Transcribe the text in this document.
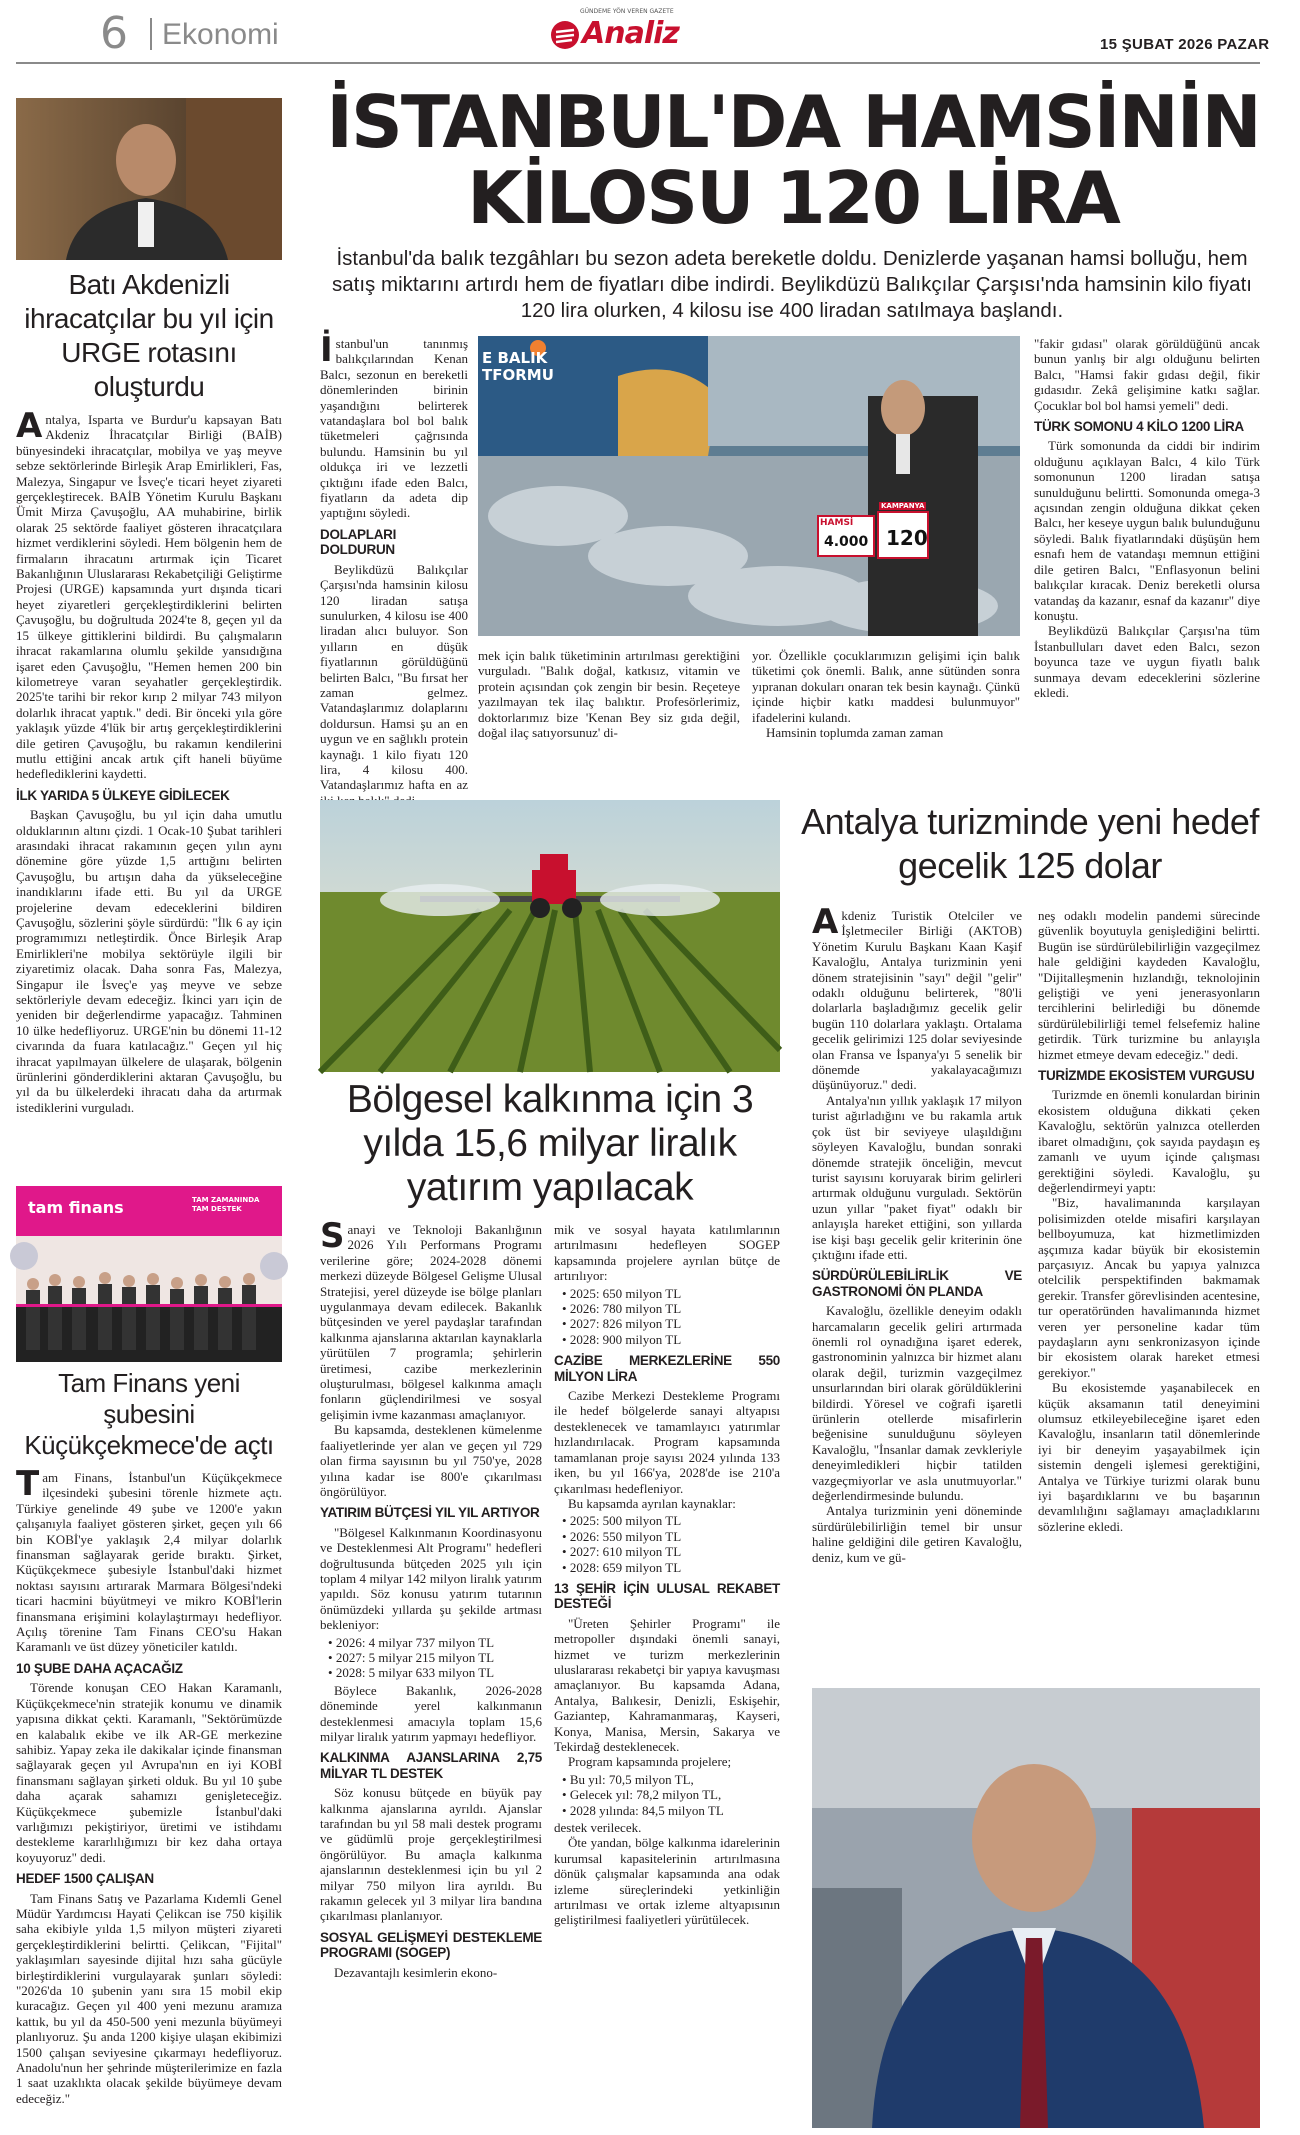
6 Ekonomi	Analiz
GÜNDEME YÖN VEREN GAZETE
15 ŞUBAT 2026 PAZAR
Batı Akdenizli ihracatçılar bu yıl için URGE rotasını oluşturdu

Antalya, Isparta ve Burdur'u kapsayan Batı Akdeniz İhracatçılar Birliği (BAİB) bünyesindeki ihracatçılar, mobilya ve yaş meyve sebze sektörlerinde Birleşik Arap Emirlikleri, Fas, Malezya, Singapur ve İsveç'e ticari heyet ziyareti gerçekleştirecek. BAİB Yönetim Kurulu Başkanı Ümit Mirza Çavuşoğlu, AA muhabirine, birlik olarak 25 sektörde faaliyet gösteren ihracatçılara hizmet verdiklerini söyledi. Hem bölgenin hem de firmaların ihracatını artırmak için Ticaret Bakanlığının Uluslararası Rekabetçiliği Geliştirme Projesi (URGE) kapsamında yurt dışında ticari heyet ziyaretleri gerçekleştirdiklerini belirten Çavuşoğlu, bu doğrultuda 2024'te 8, geçen yıl da 15 ülkeye gittiklerini bildirdi. Bu çalışmaların ihracat rakamlarına olumlu şekilde yansıdığına işaret eden Çavuşoğlu, "Hemen hemen 200 bin kilometreye varan seyahatler gerçekleştirdik. 2025'te tarihi bir rekor kırıp 2 milyar 743 milyon dolarlık ihracat yaptık." dedi. Bir önceki yıla göre yaklaşık yüzde 4'lük bir artış gerçekleştirdiklerini dile getiren Çavuşoğlu, bu rakamın kendilerini mutlu ettiğini ancak artık çift haneli büyüme hedeflediklerini kaydetti.

İLK YARIDA 5 ÜLKEYE GİDİLECEK

Başkan Çavuşoğlu, bu yıl için daha umutlu olduklarının altını çizdi. 1 Ocak-10 Şubat tarihleri arasındaki ihracat rakamının geçen yılın aynı dönemine göre yüzde 1,5 arttığını belirten Çavuşoğlu, bu artışın daha da yükseleceğine inandıklarını ifade etti. Bu yıl da URGE projelerine devam edeceklerini bildiren Çavuşoğlu, sözlerini şöyle sürdürdü: "İlk 6 ay için programımızı netleştirdik. Önce Birleşik Arap Emirlikleri'ne mobilya sektörüyle ilgili bir ziyaretimiz olacak. Daha sonra Fas, Malezya, Singapur ile İsveç'e yaş meyve ve sebze sektörleriyle devam edeceğiz. İkinci yarı için de yeniden bir değerlendirme yapacağız. Tahminen 10 ülke hedefliyoruz. URGE'nin bu dönemi 11-12 civarında da fuara katılacağız." Geçen yıl hiç ihracat yapılmayan ülkelere de ulaşarak, bölgenin ürünlerini gönderdiklerini aktaran Çavuşoğlu, bu yıl da bu ülkelerdeki ihracatı daha da artırmak istediklerini vurguladı.

tam finans	TAM ZAMANINDA TAM DESTEK
Tam Finans yeni şubesini Küçükçekmece'de açtı

Tam Finans, İstanbul'un Küçükçekmece ilçesindeki şubesini törenle hizmete açtı. Türkiye genelinde 49 şube ve 1200'e yakın çalışanıyla faaliyet gösteren şirket, geçen yılı 66 bin KOBİ'ye yaklaşık 2,4 milyar dolarlık finansman sağlayarak geride bıraktı. Şirket, Küçükçekmece şubesiyle İstanbul'daki hizmet noktası sayısını artırarak Marmara Bölgesi'ndeki ticari hacmini büyütmeyi ve mikro KOBİ'lerin finansmana erişimini kolaylaştırmayı hedefliyor. Açılış törenine Tam Finans CEO'su Hakan Karamanlı ve üst düzey yöneticiler katıldı.

10 ŞUBE DAHA AÇACAĞIZ

Törende konuşan CEO Hakan Karamanlı, Küçükçekmece'nin stratejik konumu ve dinamik yapısına dikkat çekti. Karamanlı, "Sektörümüzde en kalabalık ekibe ve ilk AR-GE merkezine sahibiz. Yapay zeka ile dakikalar içinde finansman sağlayarak geçen yıl Avrupa'nın en iyi KOBİ finansmanı sağlayan şirketi olduk. Bu yıl 10 şube daha açarak sahamızı genişleteceğiz. Küçükçekmece şubemizle İstanbul'daki varlığımızı pekiştiriyor, üretimi ve istihdamı destekleme kararlılığımızı bir kez daha ortaya koyuyoruz" dedi.

HEDEF 1500 ÇALIŞAN

Tam Finans Satış ve Pazarlama Kıdemli Genel Müdür Yardımcısı Hayati Çelikcan ise 750 kişilik saha ekibiyle yılda 1,5 milyon müşteri ziyareti gerçekleştirdiklerini belirtti. Çelikcan, "Fijital" yaklaşımları sayesinde dijital hızı saha gücüyle birleştirdiklerini vurgulayarak şunları söyledi: "2026'da 10 şubenin yanı sıra 15 mobil ekip kuracağız. Geçen yıl 400 yeni mezunu aramıza kattık, bu yıl da 450-500 yeni mezunla büyümeyi planlıyoruz. Şu anda 1200 kişiye ulaşan ekibimizi 1500 çalışan seviyesine çıkarmayı hedefliyoruz. Anadolu'nun her şehrinde müşterilerimize en fazla 1 saat uzaklıkta olacak şekilde büyümeye devam edeceğiz."

İSTANBUL'DA HAMSİNİN
KİLOSU 120 LİRA
İstanbul'da balık tezgâhları bu sezon adeta bereketle doldu. Denizlerde yaşanan hamsi bolluğu, hem satış miktarını artırdı hem de fiyatları dibe indirdi. Beylikdüzü Balıkçılar Çarşısı'nda hamsinin kilo fiyatı 120 lira olurken, 4 kilosu ise 400 liradan satılmaya başlandı.

İstanbul'un tanınmış balıkçılarından Kenan Balcı, sezonun en bereketli dönemlerinden birinin yaşandığını belirterek vatandaşlara bol bol balık tüketmeleri çağrısında bulundu. Hamsinin bu yıl oldukça iri ve lezzetli çıktığını ifade eden Balcı, fiyatların da adeta dip yaptığını söyledi.

DOLAPLARI DOLDURUN

Beylikdüzü Balıkçılar Çarşısı'nda hamsinin kilosu 120 liradan satışa sunulurken, 4 kilosu ise 400 liradan alıcı buluyor. Son yılların en düşük fiyatlarının görüldüğünü belirten Balcı, "Bu fırsat her zaman gelmez. Vatandaşlarımız dolaplarını doldursun. Hamsi şu an en uygun ve en sağlıklı protein kaynağı. 1 kilo fiyatı 120 lira, 4 kilosu 400. Vatandaşlarımız hafta en az

E BALIK TFORMU
HAMSİ
4.000
KAMPANYA
120
mek için balık tüketiminin artırılması gerektiğini vurguladı. "Balık doğal, katkısız, vitamin ve protein açısından çok zengin bir besin. Reçeteye yazılmayan tek ilaç balıktır. Profesörlerimiz, doktorlarımız bize 'Kenan Bey siz gıda değil, doğal ilaç satıyorsunuz' di-

yor. Özellikle çocuklarımızın gelişimi için balık tüketimi çok önemli. Balık, anne sütünden sonra yıpranan dokuları onaran tek besin kaynağı. Çünkü içinde hiçbir katkı maddesi bulunmuyor" ifadelerini kulandı.

Hamsinin toplumda zaman zaman

"fakir gıdası" olarak görüldüğünü ancak bunun yanlış bir algı olduğunu belirten Balcı, "Hamsi fakir gıdası değil, fikir gıdasıdır. Zekâ gelişimine katkı sağlar. Çocuklar bol bol hamsi yemeli" dedi.

TÜRK SOMONU 4 KİLO 1200 LİRA

Türk somonunda da ciddi bir indirim olduğunu açıklayan Balcı, 4 kilo Türk somonunun 1200 liradan satışa sunulduğunu belirtti. Somonunda omega-3 açısından zengin olduğuna dikkat çeken Balcı, her keseye uygun balık bulunduğunu söyledi. Balık fiyatlarındaki düşüşün hem esnafı hem de vatandaşı memnun ettiğini dile getiren Balcı, "Enflasyonun belini balıkçılar kıracak. Deniz bereketli olursa vatandaş da kazanır, esnaf da kazanır" diye konuştu.

Beylikdüzü Balıkçılar Çarşısı'na tüm İstanbulluları davet eden Balcı, sezon boyunca taze ve uygun fiyatlı balık sunmaya devam edeceklerini sözlerine ekledi.

Bölgesel kalkınma için 3 yılda 15,6 milyar liralık yatırım yapılacak

Sanayi ve Teknoloji Bakanlığının 2026 Yılı Performans Programı verilerine göre; 2024-2028 dönemi merkezi düzeyde Bölgesel Gelişme Ulusal Stratejisi, yerel düzeyde ise bölge planları uygulanmaya devam edilecek. Bakanlık bütçesinden ve yerel paydaşlar tarafından kalkınma ajanslarına aktarılan kaynaklarla yürütülen 7 programla; şehirlerin üretimesi, cazibe merkezlerinin oluşturulması, bölgesel kalkınma amaçlı fonların güçlendirilmesi ve sosyal gelişimin ivme kazanması amaçlanıyor.

Bu kapsamda, desteklenen kümelenme faaliyetlerinde yer alan ve geçen yıl 729 olan firma sayısının bu yıl 750'ye, 2028 yılına kadar ise 800'e çıkarılması öngörülüyor.

YATIRIM BÜTÇESİ YIL YIL ARTIYOR

"Bölgesel Kalkınmanın Koordinasyonu ve Desteklenmesi Alt Programı" hedefleri doğrultusunda bütçeden 2025 yılı için toplam 4 milyar 142 milyon liralık yatırım yapıldı. Söz konusu yatırım tutarının önümüzdeki yıllarda şu şekilde artması bekleniyor:

• 2026: 4 milyar 737 milyon TL
• 2027: 5 milyar 215 milyon TL
• 2028: 5 milyar 633 milyon TL

Böylece Bakanlık, 2026-2028 döneminde yerel kalkınmanın desteklenmesi amacıyla toplam 15,6 milyar liralık yatırım yapmayı hedefliyor.

KALKINMA AJANSLARINA 2,75 MİLYAR TL DESTEK

Söz konusu bütçede en büyük pay kalkınma ajanslarına ayrıldı. Ajanslar tarafından bu yıl 58 mali destek programı ve güdümlü proje gerçekleştirilmesi öngörülüyor. Bu amaçla kalkınma ajanslarının desteklenmesi için bu yıl 2 milyar 750 milyon lira ayrıldı. Bu rakamın gelecek yıl 3 milyar lira bandına çıkarılması planlanıyor.

SOSYAL GELİŞMEYİ DESTEKLEME PROGRAMI (SOGEP)

Dezavantajlı kesimlerin ekono-

mik ve sosyal hayata katılımlarının artırılmasını hedefleyen SOGEP kapsamında projelere ayrılan bütçe de artırılıyor:

• 2025: 650 milyon TL
• 2026: 780 milyon TL
• 2027: 826 milyon TL
• 2028: 900 milyon TL
CAZİBE MERKEZLERİNE 550 MİLYON LİRA

Cazibe Merkezi Destekleme Programı ile hedef bölgelerde sanayi altyapısı desteklenecek ve tamamlayıcı yatırımlar hızlandırılacak. Program kapsamında tamamlanan proje sayısı 2024 yılında 133 iken, bu yıl 166'ya, 2028'de ise 210'a çıkarılması hedefleniyor.

Bu kapsamda ayrılan kaynaklar:

• 2025: 500 milyon TL
• 2026: 550 milyon TL
• 2027: 610 milyon TL
• 2028: 659 milyon TL
13 ŞEHİR İÇİN ULUSAL REKABET DESTEĞİ

"Üreten Şehirler Programı" ile metropoller dışındaki önemli sanayi, hizmet ve turizm merkezlerinin uluslararası rekabetçi bir yapıya kavuşması amaçlanıyor. Bu kapsamda Adana, Antalya, Balıkesir, Denizli, Eskişehir, Gaziantep, Kahramanmaraş, Kayseri, Konya, Manisa, Mersin, Sakarya ve Tekirdağ desteklenecek.

Program kapsamında projelere;

• Bu yıl: 70,5 milyon TL,
• Gelecek yıl: 78,2 milyon TL,
• 2028 yılında: 84,5 milyon TL

destek verilecek.

Öte yandan, bölge kalkınma idarelerinin kurumsal kapasitelerinin artırılmasına dönük çalışmalar kapsamında ana odak izleme süreçlerindeki yetkinliğin artırılması ve ortak izleme altyapısının geliştirilmesi faaliyetleri yürütülecek.

Antalya turizminde yeni hedef gecelik 125 dolar

Akdeniz Turistik Otelciler ve İşletmeciler Birliği (AKTOB) Yönetim Kurulu Başkanı Kaan Kaşif Kavaloğlu, Antalya turizminin yeni dönem stratejisinin "sayı" değil "gelir" odaklı olduğunu belirterek, "80'li dolarlarla başladığımız gecelik gelir bugün 110 dolarlara yaklaştı. Ortalama gecelik gelirimizi 125 dolar seviyesinde olan Fransa ve İspanya'yı 5 senelik bir dönemde yakalayacağımızı düşünüyoruz." dedi.

Antalya'nın yıllık yaklaşık 17 milyon turist ağırladığını ve bu rakamla artık çok üst bir seviyeye ulaşıldığını söyleyen Kavaloğlu, bundan sonraki dönemde stratejik önceliğin, mevcut turist sayısını koruyarak birim gelirleri artırmak olduğunu vurguladı. Sektörün uzun yıllar "paket fiyat" odaklı bir anlayışla hareket ettiğini, son yıllarda ise kişi başı gecelik gelir kriterinin öne çıktığını ifade etti.

SÜRDÜRÜLEBİLİRLİK VE GASTRONOMİ ÖN PLANDA

Kavaloğlu, özellikle deneyim odaklı harcamaların gecelik geliri artırmada önemli rol oynadığına işaret ederek, gastronominin yalnızca bir hizmet alanı olarak değil, turizmin vazgeçilmez unsurlarından biri olarak görüldüklerini bildirdi. Yöresel ve coğrafi işaretli ürünlerin otellerde misafirlerin beğenisine sunulduğunu söyleyen Kavaloğlu, "İnsanlar damak zevkleriyle deneyimledikleri hiçbir tatilden vazgeçmiyorlar ve asla unutmuyorlar." değerlendirmesinde bulundu.

Antalya turizminin yeni döneminde sürdürülebilirliğin temel bir unsur haline geldiğini dile getiren Kavaloğlu, deniz, kum ve gü-

neş odaklı modelin pandemi sürecinde güvenlik boyutuyla genişlediğini belirtti. Bugün ise sürdürülebilirliğin vazgeçilmez hale geldiğini kaydeden Kavaloğlu, "Dijitalleşmenin hızlandığı, teknolojinin geliştiği ve yeni jenerasyonların tercihlerini belirlediği bu dönemde sürdürülebilirliği temel felsefemiz haline getirdik. Türk turizmine bu anlayışla hizmet etmeye devam edeceğiz." dedi.

TURİZMDE EKOSİSTEM VURGUSU

Turizmde en önemli konulardan birinin ekosistem olduğuna dikkati çeken Kavaloğlu, sektörün yalnızca otellerden ibaret olmadığını, çok sayıda paydaşın eş zamanlı ve uyum içinde çalışması gerektiğini söyledi. Kavaloğlu, şu değerlendirmeyi yaptı:

"Biz, havalimanında karşılayan polisimizden otelde misafiri karşılayan bellboyumuza, kat hizmetlimizden aşçımıza kadar büyük bir ekosistemin parçasıyız. Ancak bu yapıya yalnızca otelcilik perspektifinden bakmamak gerekir. Transfer görevlisinden acentesine, tur operatöründen havalimanında hizmet veren yer personeline kadar tüm paydaşların aynı senkronizasyon içinde bir ekosistem olarak hareket etmesi gerekiyor."

Bu ekosistemde yaşanabilecek en küçük aksamanın tatil deneyimini olumsuz etkileyebileceğine işaret eden Kavaloğlu, insanların tatil dönemlerinde iyi bir deneyim yaşayabilmek için sistemin dengeli işlemesi gerektiğini, Antalya ve Türkiye turizmi olarak bunu iyi başardıklarını ve bu başarının devamlılığını sağlamayı amaçladıklarını sözlerine ekledi.
